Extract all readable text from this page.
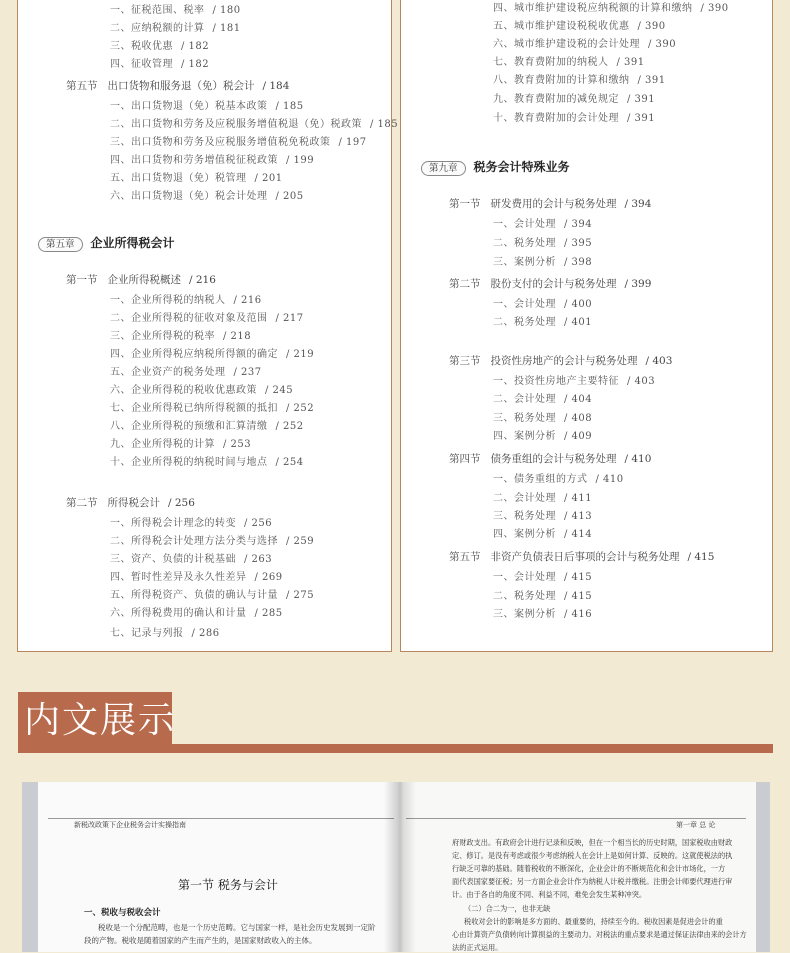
一、征税范围、税率 / 180
二、应纳税额的计算 / 181
三、税收优惠 / 182
四、征收管理 / 182
第五节 出口货物和服务退（免）税会计 / 184
一、出口货物退（免）税基本政策 / 185
二、出口货物和劳务及应税服务增值税退（免）税政策 / 185
三、出口货物和劳务及应税服务增值税免税政策 / 197
四、出口货物和劳务增值税征税政策 / 199
五、出口货物退（免）税管理 / 201
六、出口货物退（免）税会计处理 / 205
第五章 企业所得税会计
第一节 企业所得税概述 / 216
一、企业所得税的纳税人 / 216
二、企业所得税的征收对象及范围 / 217
三、企业所得税的税率 / 218
四、企业所得税应纳税所得额的确定 / 219
五、企业资产的税务处理 / 237
六、企业所得税的税收优惠政策 / 245
七、企业所得税已纳所得税额的抵扣 / 252
八、企业所得税的预缴和汇算清缴 / 252
九、企业所得税的计算 / 253
十、企业所得税的纳税时间与地点 / 254
第二节 所得税会计 / 256
一、所得税会计理念的转变 / 256
二、所得税会计处理方法分类与选择 / 259
三、资产、负债的计税基础 / 263
四、暂时性差异及永久性差异 / 269
五、所得税资产、负债的确认与计量 / 275
六、所得税费用的确认和计量 / 285
七、记录与列报 / 286
四、城市维护建设税应纳税额的计算和缴纳 / 390
五、城市维护建设税税收优惠 / 390
六、城市维护建设税的会计处理 / 390
七、教育费附加的纳税人 / 391
八、教育费附加的计算和缴纳 / 391
九、教育费附加的减免规定 / 391
十、教育费附加的会计处理 / 391
第九章 税务会计特殊业务
第一节 研发费用的会计与税务处理 / 394
一、会计处理 / 394
二、税务处理 / 395
三、案例分析 / 398
第二节 股份支付的会计与税务处理 / 399
一、会计处理 / 400
二、税务处理 / 401
第三节 投资性房地产的会计与税务处理 / 403
一、投资性房地产主要特征 / 403
二、会计处理 / 404
三、税务处理 / 408
四、案例分析 / 409
第四节 债务重组的会计与税务处理 / 410
一、债务重组的方式 / 410
二、会计处理 / 411
三、税务处理 / 413
四、案例分析 / 414
第五节 非资产负债表日后事项的会计与税务处理 / 415
一、会计处理 / 415
二、税务处理 / 415
三、案例分析 / 416
内文展示
新税改政策下企业税务会计实操指南
第一节 税务与会计
一、税收与税收会计
税收是一个分配范畴，也是一个历史范畴。它与国家一样，是社会历史发展到一定阶
段的产物。税收是随着国家的产生而产生的，是国家财政收入的主体。
第一章 总 论
府财政支出。有政府会计进行记录和反映，但在一个相当长的历史时期，国家税收由财政
定、修订。是没有考虑或很少考虑纳税人在会计上是如何计算、反映的。这就使税法的执
行缺乏可靠的基础。随着税收的不断深化，企业会计的不断规范化和会计市场化，一方
面代表国家要征税；另一方面企业会计作为纳税人计税并缴税。注册会计师要代理进行审
计。由于各自的角度不同、利益不同，难免会发生某种冲突。
（二）合二为一，也非无缺
税收对会计的影响是多方面的、最重要的，持续至今的。税收因素是促进会计的重
心由计算资产负债转向计算损益的主要动力。对税法的重点要求是通过保证法律由来的会计方
法的正式运用。
